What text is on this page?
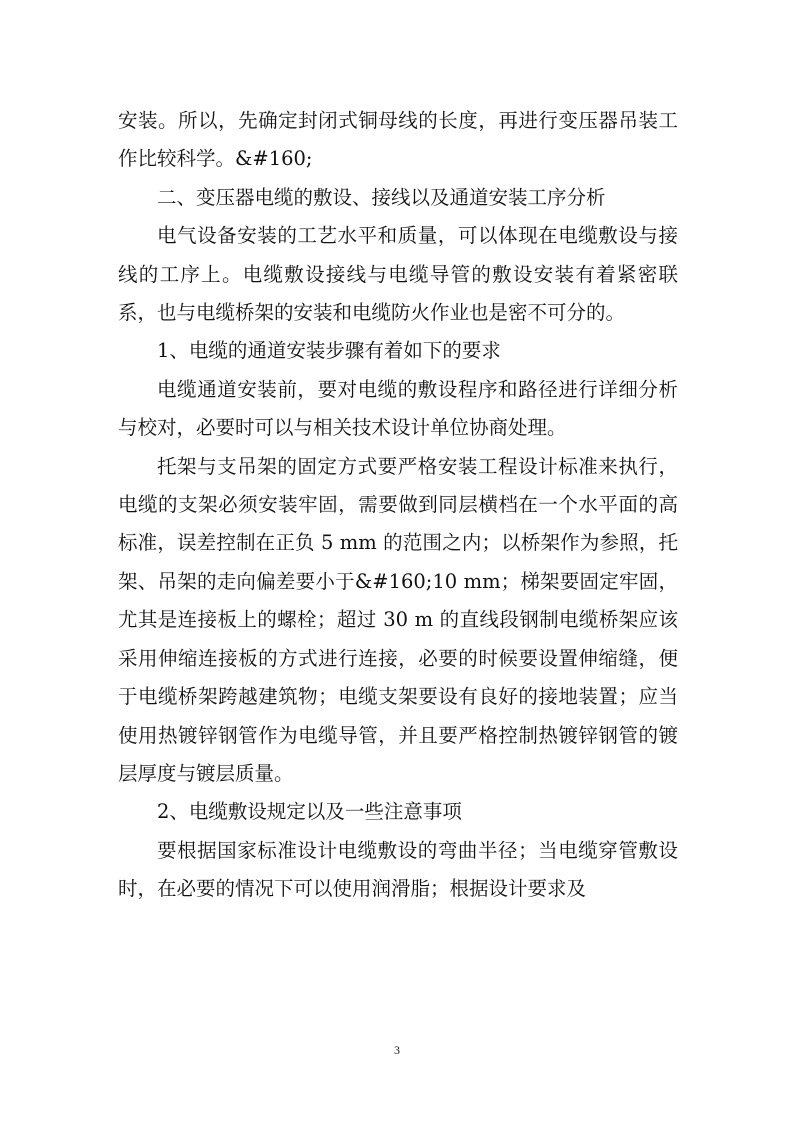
安装。所以，先确定封闭式铜母线的长度，再进行变压器吊装工作比较科学。&#160;

二、变压器电缆的敷设、接线以及通道安装工序分析

电气设备安装的工艺水平和质量，可以体现在电缆敷设与接线的工序上。电缆敷设接线与电缆导管的敷设安装有着紧密联系，也与电缆桥架的安装和电缆防火作业也是密不可分的。

1、电缆的通道安装步骤有着如下的要求

电缆通道安装前，要对电缆的敷设程序和路径进行详细分析与校对，必要时可以与相关技术设计单位协商处理。

托架与支吊架的固定方式要严格安装工程设计标准来执行，电缆的支架必须安装牢固，需要做到同层横档在一个水平面的高标准，误差控制在正负 5 mm 的范围之内；以桥架作为参照，托架、吊架的走向偏差要小于&#160;10 mm；梯架要固定牢固，尤其是连接板上的螺栓；超过 30 m 的直线段钢制电缆桥架应该采用伸缩连接板的方式进行连接，必要的时候要设置伸缩缝，便于电缆桥架跨越建筑物；电缆支架要设有良好的接地装置；应当使用热镀锌钢管作为电缆导管，并且要严格控制热镀锌钢管的镀层厚度与镀层质量。

2、电缆敷设规定以及一些注意事项

要根据国家标准设计电缆敷设的弯曲半径；当电缆穿管敷设时，在必要的情况下可以使用润滑脂；根据设计要求及

3
